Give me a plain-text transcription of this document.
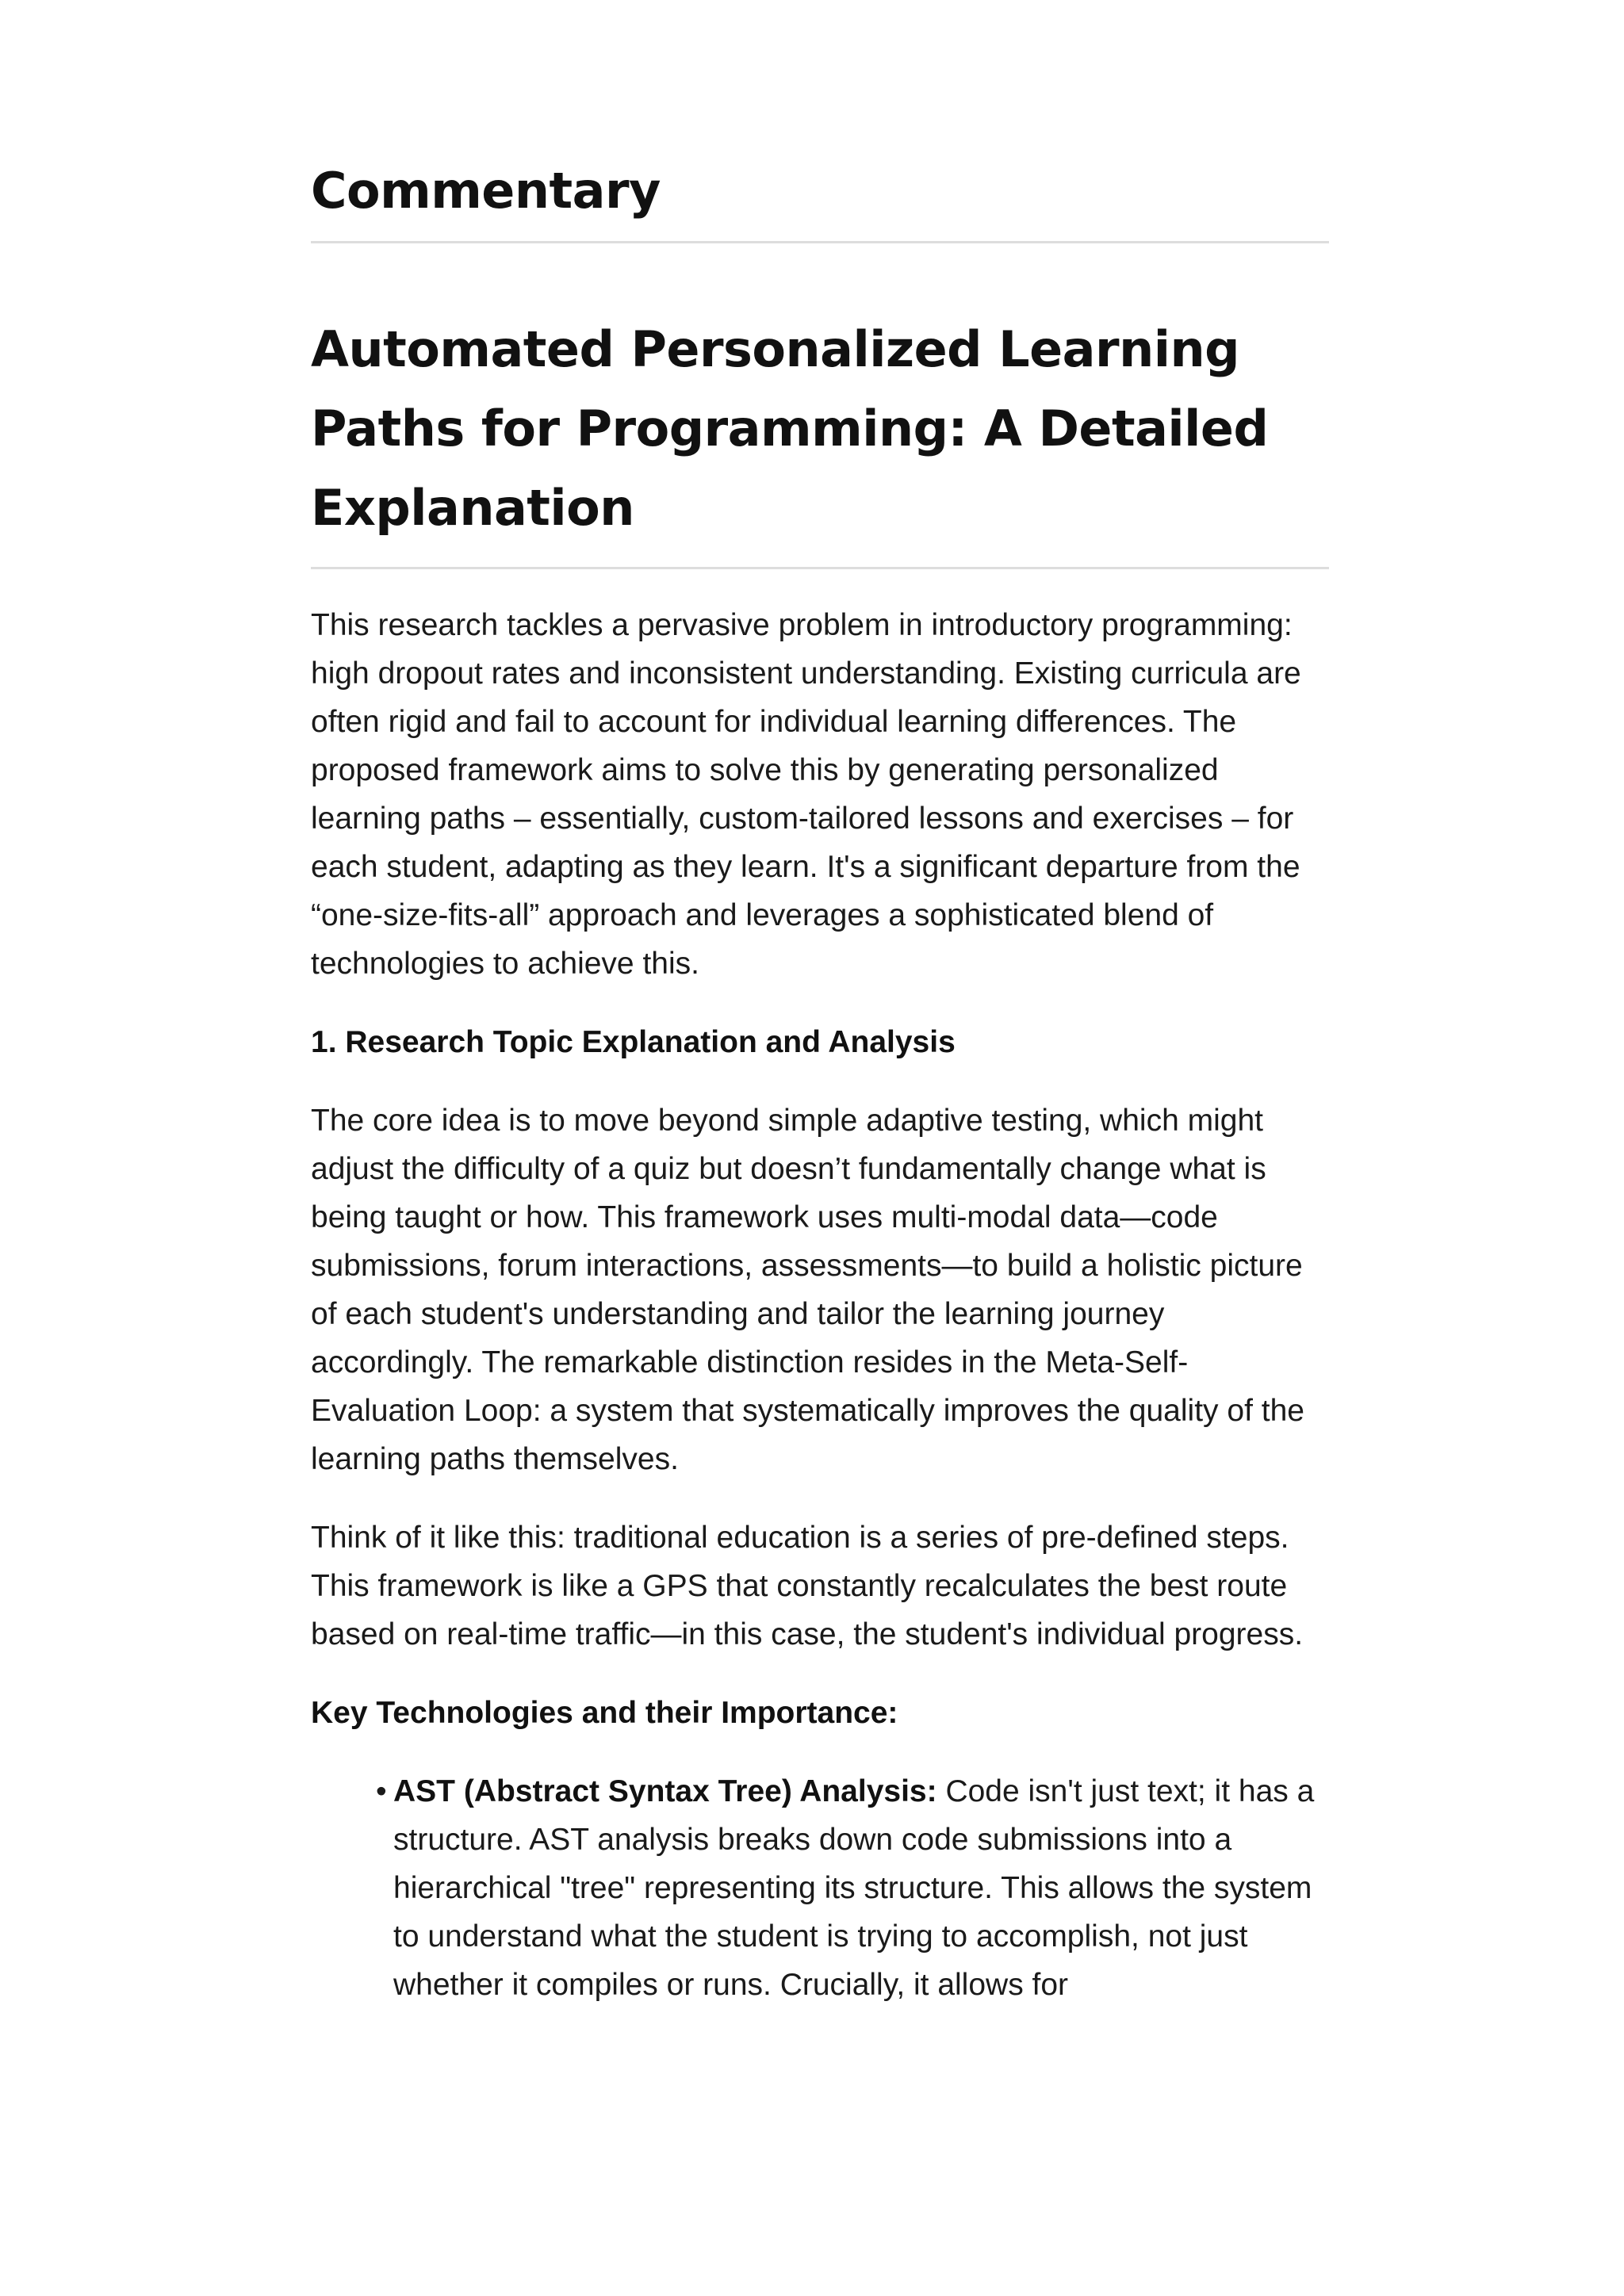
Commentary
Automated Personalized Learning Paths for Programming: A Detailed Explanation

This research tackles a pervasive problem in introductory programming: high dropout rates and inconsistent understanding. Existing curricula are often rigid and fail to account for individual learning differences. The proposed framework aims to solve this by generating personalized learning paths – essentially, custom-tailored lessons and exercises – for each student, adapting as they learn. It's a significant departure from the “one-size-fits-all” approach and leverages a sophisticated blend of technologies to achieve this.

1. Research Topic Explanation and Analysis

The core idea is to move beyond simple adaptive testing, which might adjust the difficulty of a quiz but doesn’t fundamentally change what is being taught or how. This framework uses multi-modal data—code submissions, forum interactions, assessments—to build a holistic picture of each student's understanding and tailor the learning journey accordingly. The remarkable distinction resides in the Meta-Self-Evaluation Loop: a system that systematically improves the quality of the learning paths themselves.

Think of it like this: traditional education is a series of pre-defined steps. This framework is like a GPS that constantly recalculates the best route based on real-time traffic—in this case, the student's individual progress.

Key Technologies and their Importance:

• AST (Abstract Syntax Tree) Analysis: Code isn't just text; it has a structure. AST analysis breaks down code submissions into a hierarchical "tree" representing its structure. This allows the system to understand what the student is trying to accomplish, not just whether it compiles or runs. Crucially, it allows for
